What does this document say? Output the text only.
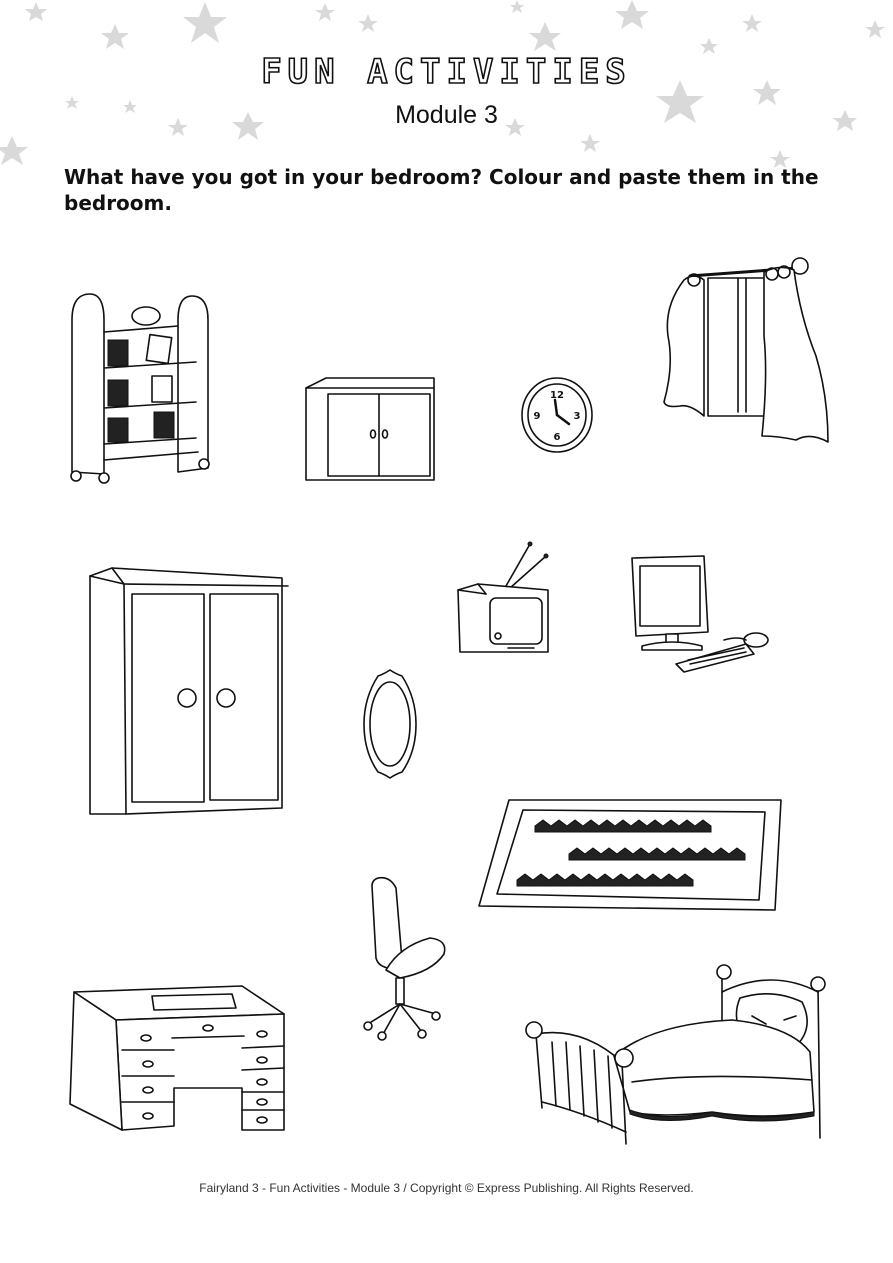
FUN ACTIVITIES
Module 3
What have you got in your bedroom? Colour and paste them in the bedroom.
12
3
6
9
Fairyland 3 - Fun Activities - Module 3 / Copyright © Express Publishing. All Rights Reserved.
